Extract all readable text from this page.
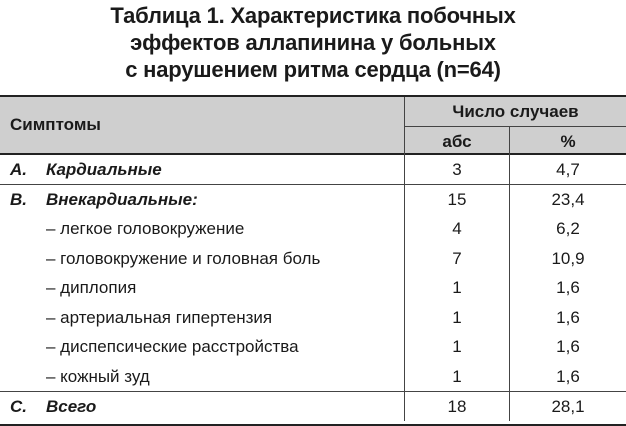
Таблица 1. Характеристика побочных
эффектов аллапинина у больных
с нарушением ритма сердца (n=64)
Симптомы
Число случаев
абс	%
A. Кардиальные	3	4,7
B. Внекардиальные:	15	23,4
– легкое головокружение	4	6,2
– головокружение и головная боль	7	10,9
– диплопия	1	1,6
– артериальная гипертензия	1	1,6
– диспепсические расстройства	1	1,6
– кожный зуд	1	1,6
C. Всего	18	28,1
